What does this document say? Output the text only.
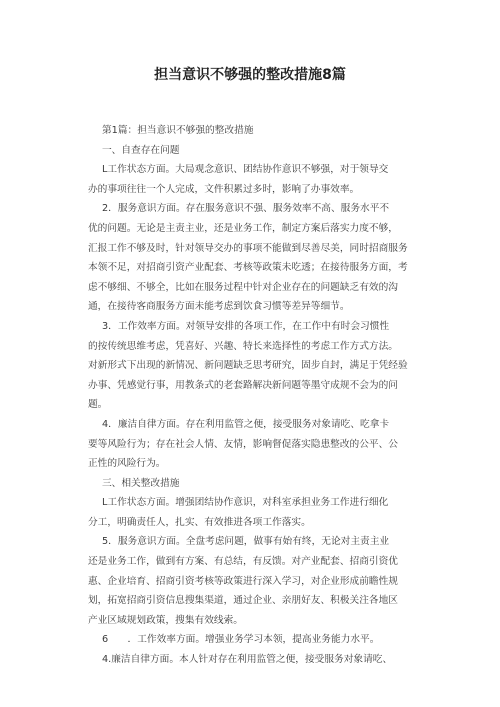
担当意识不够强的整改措施8篇
第1篇：担当意识不够强的整改措施
一、自查存在问题
L工作状态方面。大局观念意识、团结协作意识不够强，对于领导交
办的事项往往一个人完成，文件积累过多时，影响了办事效率。
2．服务意识方面。存在服务意识不强、服务效率不高、服务水平不
优的问题。无论是主责主业，还是业务工作，制定方案后落实力度不够，
汇报工作不够及时，针对领导交办的事项不能做到尽善尽美，同时招商服务
本领不足，对招商引资产业配套、考核等政策未吃透；在接待服务方面，考
虑不够细、不够全，比如在服务过程中针对企业存在的问题缺乏有效的沟
通，在接待客商服务方面未能考虑到饮食习惯等差异等细节。
3．工作效率方面。对领导安排的各项工作，在工作中有时会习惯性
的按传统思维考虑，凭喜好、兴趣、特长来选择性的考虑工作方式方法。
对新形式下出现的新情况、新问题缺乏思考研究，固步自封，满足于凭经验
办事、凭感觉行事，用教条式的老套路解决新问题等墨守成规不会为的问
题。
4．廉洁自律方面。存在利用监管之便，接受服务对象请吃、吃拿卡
要等风险行为；存在社会人情、友情，影响督促落实隐患整改的公平、公
正性的风险行为。
三、相关整改措施
L工作状态方面。增强团结协作意识，对科室承担业务工作进行细化
分工，明确责任人，扎实、有效推进各项工作落实。
5．服务意识方面。全盘考虑问题，做事有始有终，无论对主责主业
还是业务工作，做到有方案、有总结，有反馈。对产业配套、招商引资优
惠、企业培育、招商引资考核等政策进行深入学习，对企业形成前瞻性规
划，拓宽招商引资信息搜集渠道，通过企业、亲朋好友、积极关注各地区
产业区域规划政策，搜集有效线索。
6　　．工作效率方面。增强业务学习本领，提高业务能力水平。
4.廉洁自律方面。本人针对存在利用监管之便，接受服务对象请吃、
